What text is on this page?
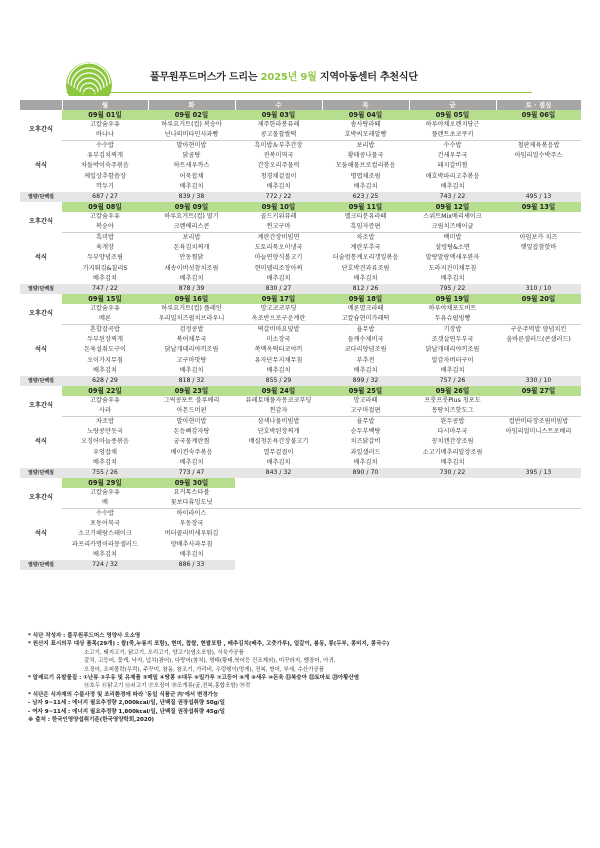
풀무원푸드머스가 드리는 2025년 9월 지역아동센터 추천식단
	월	화	수	목	금	토 · 점심
	09월 01일	09월 02일	09월 03일	09월 04일	09월 05일	09월 06일
오후간식	고칼슘우유	하루요거트(컵) 복숭아	제주한라봉퓨레	솜사탕라떼	하루야채오렌지당근	
	바나나	넌나의비타민사과빵	콩고물찹쌀떡	호박씨모래알빵	플랜트초코쿠키	
석식	수수밥	발아현미밥	흑미밥＆부추간장	보리밥	수수밥	철판제육볶음밥
	유부김치찌개	닭곰탕	전복미역국	황태콩나물국	건새우무국	아임리얼수박주스
	차돌박이숙주볶음	하트새우까스	간장오리주물럭	모둠해물브로컬리볶음	돼지갈비찜	
	케일상추함씀장	어묵잡채	청경채겉절이	명엽채조림	애호박파리고추볶음	
	깍두기	배추김치	배추김치	배추김치	배추김치	
열량/단백질	687 / 27	839 / 38	772 / 22	623 / 25	743 / 22	495 / 13
	09월 08일	09월 09일	09월 10일	09월 11일	09월 12일	09월 13일
오후간식	고칼슘우유	하루요거트(컵) 딸기	골드키위퓨레	멜크티분유라떼	스위트Mix베리셰이크	
	복숭아	크렌베리스콘	찐고구마	흑임자증편	크림치즈베이글	
석식	흑미밥	보리밥	계란간장비빔면	차조밥	백미밥	아임보카 치즈
	육개장	돈육김치찌개	도토리묵오이냉국	계란부추국	설렁탕&소면	햇잎잡참핫바
	두부양념조림	안동찜닭	마늘연양식볼고기	더술럼통계오리갱잎볶음	말랑말랑맥새우완자	
	가지튀김&칠리S	새송이버섯참치조림	현미델리조장아찌	단호박견과류조림	도라지진미채무침	
	배추김치	배추김치	배추김치	배추김치	배추김치	
열량/단백질	747 / 22	878 / 39	830 / 27	812 / 26	795 / 22	310 / 10
	09월 15일	09월 16일	09월 17일	09월 18일	09월 19일	09월 20일
오후간식	고칼슘우유	하루요거트(컵) 플레인	망고코코푸딩	메론멸크라떼	하루야채포도비트	
	메론	우리밀치즈펄치브라우니	옥조반으로구운계란	고칼슘현미가래떡	두유슈펄빙빵	
석식	혼합잡곡밥	검정콩밥	떡갈비마요덮밥	율무밥	기장밥	구운주먹밥 양념치킨
	두부된장찌개	북어채무국	미소장국	들깨수제비국	조갯살연두부국	올바른샐러드(콘샐러드)
	돈육설취도구이	닭날개데리야끼조림	쏙맥옥떡티코야끼	코다리양념조림	닭날개데리야끼조림	
	오이가지무침	고구마맛탕	유자단무지채무침	부추전	알감자버터구이	
	배추김치	배추김치	배추김치	배추김치	배추김치	
열량/단백질	628 / 29	818 / 32	855 / 29	899 / 32	757 / 26	330 / 10
	09월 22일	09월 23일	09월 24일	09월 25일	09월 26일	09월 27일
오후간식	고칼슘우유	그릭콩포트 블루베리	퓨레토매플자몽코코푸딩	망고라떼	프룻프룻Plus 청포도	
	사과	아몬드머핀	찐감자	고구마절편	몽땅치즈핫도그	
석식	차조밥	발아현미밥	삼색나물비빔밥	율무밥	완두콩밥	컵반비타장조림비빔밥
	노랑콩만둣국	돈등뼈감자탕	단호박된장찌개	순두부백탕	다시마무국	아임리얼미니스트로베리
	오징어마늘종볶음	궁국물계란찜	메실청돈육간장불고기	치즈닭갈비	꽁치캔간장조림	
	우엉잡채	베이컨숙주볶음	열무겉절이	과일샐러드	소고기메추리알장조림	
	배추김치	배추김치	배추김치	배추김치	배추김치	
열량/단백질	755 / 26	773 / 47	843 / 32	890 / 70	730 / 22	395 / 13
	09월 29일	09월 30일				
오후간식	고칼슘우유	요거톡스타볼				
	배	꽃보다휴밍도넛				
석식	수수밥	하이라이스				
	포동어묵국	우동장국				
	소고기해람스테이크	버터콜리비새우튀김				
	파프리카명이라몽샐러드	양배추사과무침				
	배추김치	배추김치				
열량/단백질	724 / 32	886 / 33				
* 식단 작성자 : 풀무원푸드머스 영양사 오소영
* 원산지 표시의무 대상 품목(29개) : 쌀(죽,누룽지 포함), 현미, 찹쌀, 현쌀포함 , 배추김치(배추, 고춧가루), 얼갈이, 봄동, 콩(두부, 콩비지, 콩국수)
소고기, 돼지고기, 닭고기, 오리고기, 양고기(염소포함), 식육가공품
갈치, 고등어, 꽃게, 낙지, 넙치(광어), 다랑어(참치), 명태(황태,북어등 건조제외), 미꾸라지, 뱀장어, 아귀,
오징어, 조피볼락(우럭), 주꾸미, 참돔, 참조기, 가리비, 우렁쉥이(멍게), 전복, 방어, 부세, 수산가공품
* 알레르기 유발물질 : ①난류 ②우유 및 유제품 ③메밀 ④땅콩 ⑤대두 ⑥밀가루 ⑦고등어 ⑧게 ⑨새우 ⑩돈육 ⑪복숭아 ⑫토마토 ⑬아황산염
⑭호두 ⑮닭고기 ⑯쇠고기 ⑰오징어 ⑱조개류(굴,전복,홍합포함) ⑲잣
* 식단은 식자재의 수불사정 및 조리환경에 따라 '동일 식품군 內'에서 변경가능
- 남자 9~11세 : 에너지 필요추정량 2,000kcal/일, 단백질 권장섭취량 50g/일
- 여자 9~11세 : 에너지 필요추정량 1,800kcal/일, 단백질 권장섭취량 45g/일
※ 출처 : 한국인영양섭취기준(한국영양학회,2020)
